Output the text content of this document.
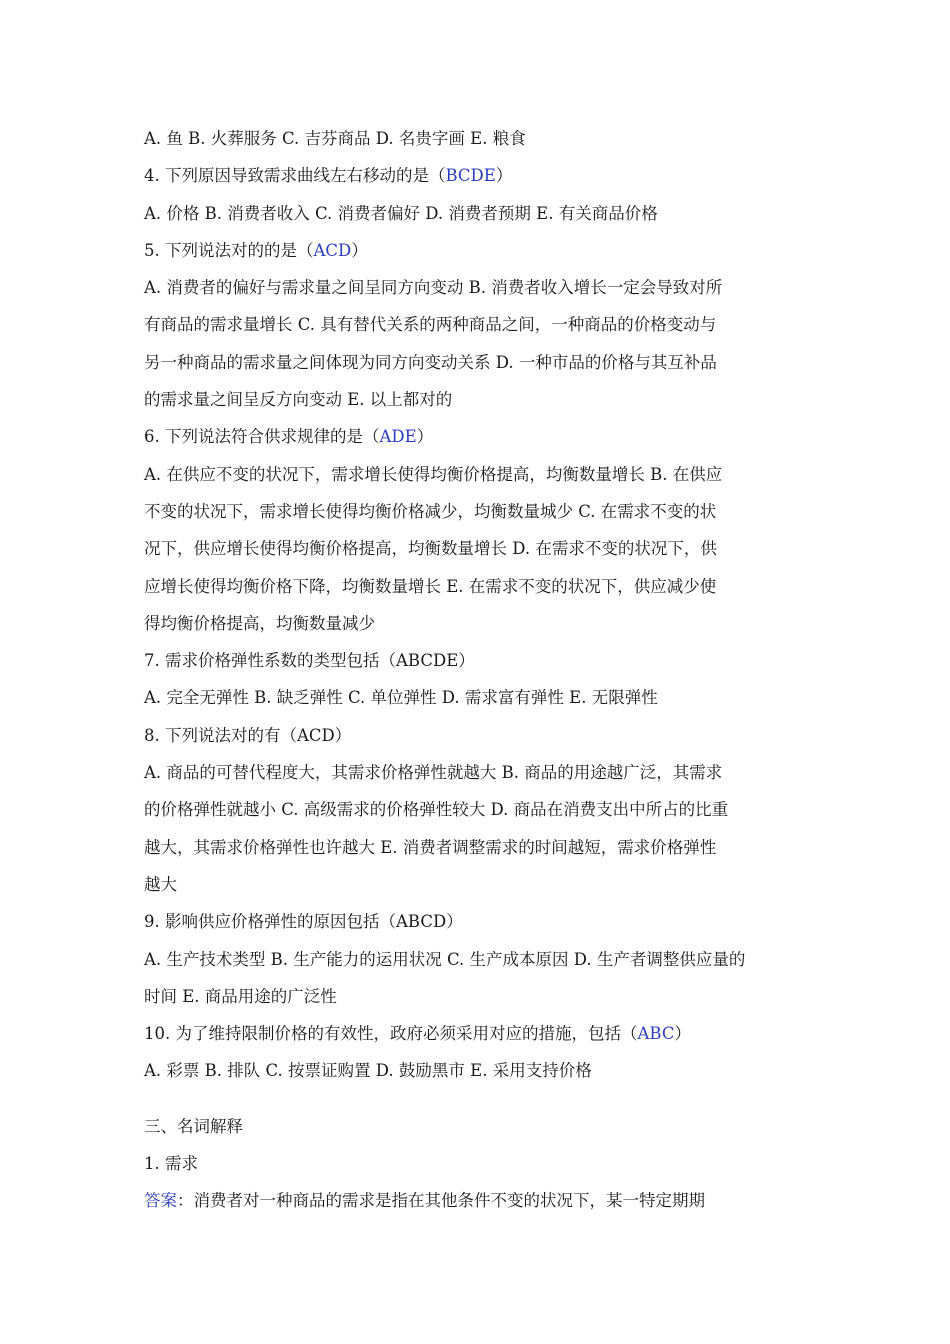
A. 鱼 B. 火葬服务 C. 吉芬商品 D. 名贵字画 E. 粮食
4. 下列原因导致需求曲线左右移动的是（BCDE）
A. 价格 B. 消费者收入 C. 消费者偏好 D. 消费者预期 E. 有关商品价格
5. 下列说法对的的是（ACD）
A. 消费者的偏好与需求量之间呈同方向变动 B. 消费者收入增长一定会导致对所
有商品的需求量增长 C. 具有替代关系的两种商品之间，一种商品的价格变动与
另一种商品的需求量之间体现为同方向变动关系 D. 一种市品的价格与其互补品
的需求量之间呈反方向变动 E. 以上都对的
6. 下列说法符合供求规律的是（ADE）
A. 在供应不变的状况下，需求增长使得均衡价格提高，均衡数量增长 B. 在供应
不变的状况下，需求增长使得均衡价格减少，均衡数量城少 C. 在需求不变的状
况下，供应增长使得均衡价格提高，均衡数量增长 D. 在需求不变的状况下，供
应增长使得均衡价格下降，均衡数量增长 E. 在需求不变的状况下，供应减少使
得均衡价格提高，均衡数量减少
7. 需求价格弹性系数的类型包括（ABCDE）
A. 完全无弹性 B. 缺乏弹性 C. 单位弹性 D. 需求富有弹性 E. 无限弹性
8. 下列说法对的有（ACD）
A. 商品的可替代程度大，其需求价格弹性就越大 B. 商品的用途越广泛，其需求
的价格弹性就越小 C. 高级需求的价格弹性较大 D. 商品在消费支出中所占的比重
越大，其需求价格弹性也许越大 E. 消费者调整需求的时间越短，需求价格弹性
越大
9. 影响供应价格弹性的原因包括（ABCD）
A. 生产技术类型 B. 生产能力的运用状况 C. 生产成本原因 D. 生产者调整供应量的
时间 E. 商品用途的广泛性
10. 为了维持限制价格的有效性，政府必须采用对应的措施，包括（ABC）
A. 彩票 B. 排队 C. 按票证购置 D. 鼓励黑市 E. 采用支持价格
三、名词解释
1. 需求
答案：消费者对一种商品的需求是指在其他条件不变的状况下，某一特定期期
